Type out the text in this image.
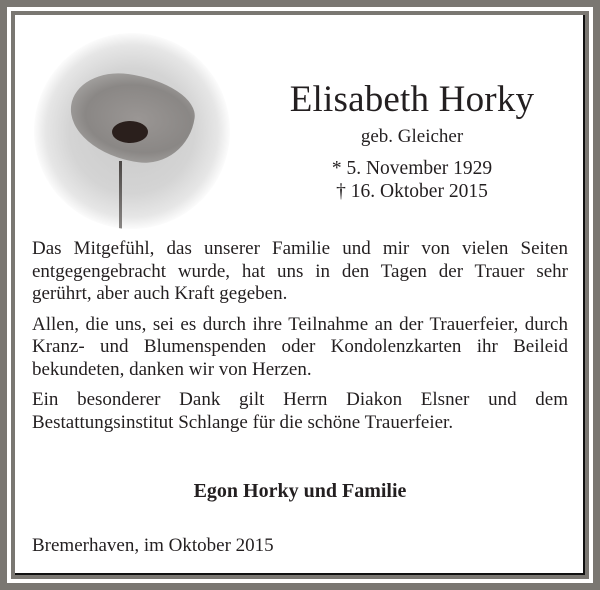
Elisabeth Horky
geb. Gleicher
* 5. November 1929
† 16. Oktober 2015

Das Mitgefühl, das unserer Familie und mir von vielen Seiten entgegengebracht wurde, hat uns in den Tagen der Trauer sehr gerührt, aber auch Kraft gegeben.

Allen, die uns, sei es durch ihre Teilnahme an der Trauerfeier, durch Kranz- und Blumenspenden oder Kondolenzkarten ihr Beileid bekundeten, danken wir von Herzen.

Ein besonderer Dank gilt Herrn Diakon Elsner und dem Bestattungsinstitut Schlange für die schöne Trauerfeier.

Egon Horky und Familie
Bremerhaven, im Oktober 2015
